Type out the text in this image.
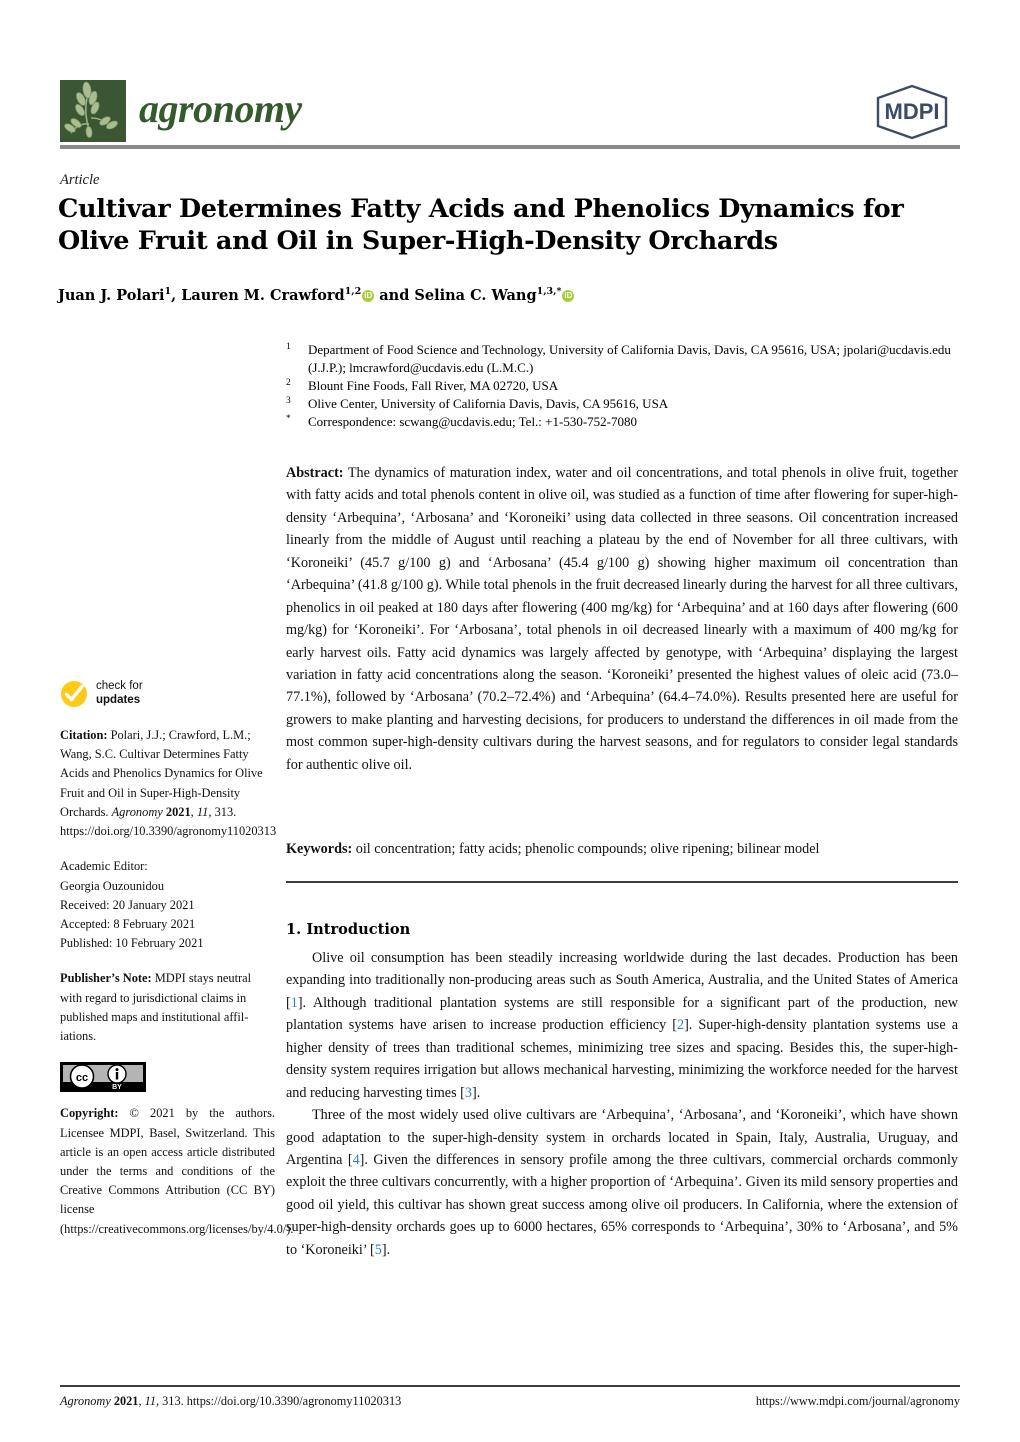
agronomy	MDPI
Article
Cultivar Determines Fatty Acids and Phenolics Dynamics for Olive Fruit and Oil in Super-High-Density Orchards
Juan J. Polari$^1$, Lauren M. Crawford$^{1,2}$ iD and Selina C. Wang$^{1,3,*}$ iD
$^1$	Department of Food Science and Technology, University of California Davis, Davis, CA 95616, USA; jpolari@ucdavis.edu (J.J.P.); lmcrawford@ucdavis.edu (L.M.C.)
$^2$	Blount Fine Foods, Fall River, MA 02720, USA
$^3$	Olive Center, University of California Davis, Davis, CA 95616, USA
*	Correspondence: scwang@ucdavis.edu; Tel.: +1-530-752-7080
Abstract: The dynamics of maturation index, water and oil concentrations, and total phenols in olive fruit, together with fatty acids and total phenols content in olive oil, was studied as a function of time after flowering for super-high-density ‘Arbequina’, ‘Arbosana’ and ‘Koroneiki’ using data collected in three seasons. Oil concentration increased linearly from the middle of August until reaching a plateau by the end of November for all three cultivars, with ‘Koroneiki’ (45.7 g/100 g) and ‘Arbosana’ (45.4 g/100 g) showing higher maximum oil concentration than ‘Arbequina’ (41.8 g/100 g). While total phenols in the fruit decreased linearly during the harvest for all three cultivars, phenolics in oil peaked at 180 days after flowering (400 mg/kg) for ‘Arbequina’ and at 160 days after flowering (600 mg/kg) for ‘Koroneiki’. For ‘Arbosana’, total phenols in oil decreased linearly with a maximum of 400 mg/kg for early harvest oils. Fatty acid dynamics was largely affected by genotype, with ‘Arbequina’ displaying the largest variation in fatty acid concentrations along the season. ‘Koroneiki’ presented the highest values of oleic acid (73.0–77.1%), followed by ‘Arbosana’ (70.2–72.4%) and ‘Arbequina’ (64.4–74.0%). Results presented here are useful for growers to make planting and harvesting decisions, for producers to understand the differences in oil made from the most common super-high-density cultivars during the harvest seasons, and for regulators to consider legal standards for authentic olive oil.
Keywords: oil concentration; fatty acids; phenolic compounds; olive ripening; bilinear model
1. Introduction

Olive oil consumption has been steadily increasing worldwide during the last decades. Production has been expanding into traditionally non-producing areas such as South America, Australia, and the United States of America [1]. Although traditional plantation systems are still responsible for a significant part of the production, new plantation systems have arisen to increase production efficiency [2]. Super-high-density plantation systems use a higher density of trees than traditional schemes, minimizing tree sizes and spacing. Besides this, the super-high-density system requires irrigation but allows mechanical harvesting, minimizing the workforce needed for the harvest and reducing harvesting times [3].

Three of the most widely used olive cultivars are ‘Arbequina’, ‘Arbosana’, and ‘Koroneiki’, which have shown good adaptation to the super-high-density system in orchards located in Spain, Italy, Australia, Uruguay, and Argentina [4]. Given the differences in sensory profile among the three cultivars, commercial orchards commonly exploit the three cultivars concurrently, with a higher proportion of ‘Arbequina’. Given its mild sensory properties and good oil yield, this cultivar has shown great success among olive oil producers. In California, where the extension of super-high-density orchards goes up to 6000 hectares, 65% corresponds to ‘Arbequina’, 30% to ‘Arbosana’, and 5% to ‘Koroneiki’ [5].

check for
updates
Citation: Polari, J.J.; Crawford, L.M.; Wang, S.C. Cultivar Determines Fatty Acids and Phenolics Dynamics for Olive Fruit and Oil in Super-High-Density Orchards. Agronomy 2021, 11, 313. https://doi.org/10.3390/agronomy11020313
Academic Editor:
Georgia Ouzounidou
Received: 20 January 2021
Accepted: 8 February 2021
Published: 10 February 2021
Publisher’s Note: MDPI stays neutral with regard to jurisdictional claims in published maps and institutional affil-iations.
cc
BY
Copyright: © 2021 by the authors. Licensee MDPI, Basel, Switzerland. This article is an open access article distributed under the terms and conditions of the Creative Commons Attribution (CC BY) license (https://creativecommons.org/licenses/by/4.0/).
Agronomy 2021, 11, 313. https://doi.org/10.3390/agronomy11020313	https://www.mdpi.com/journal/agronomy
